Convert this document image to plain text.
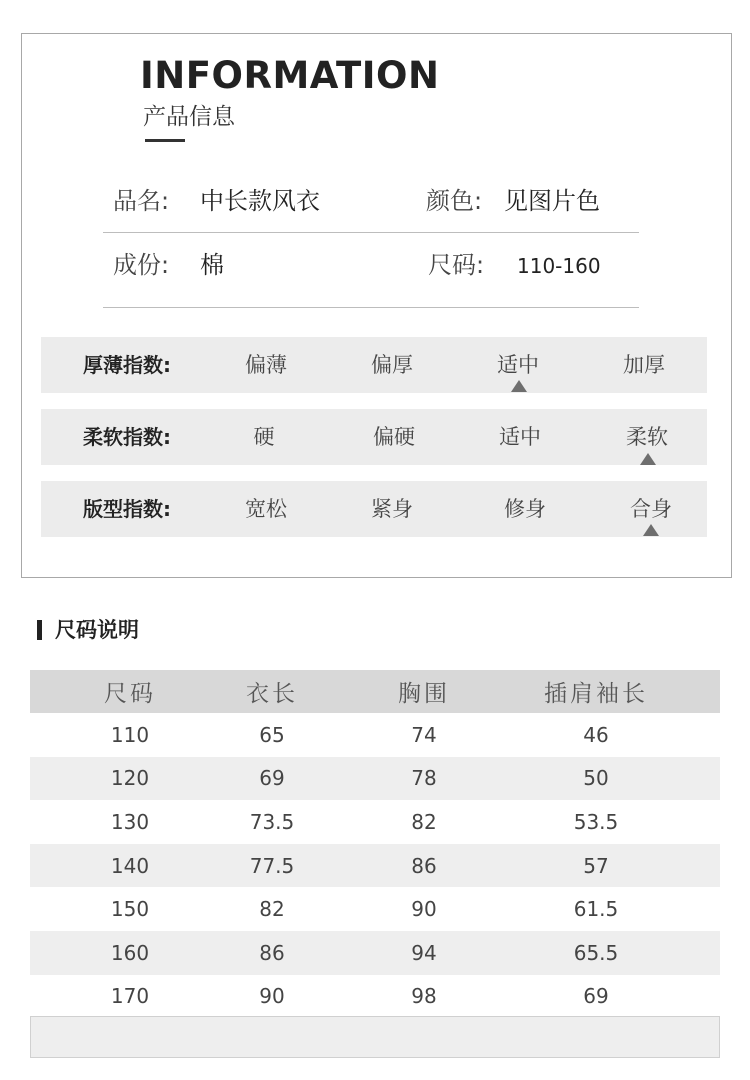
INFORMATION
产品信息
品名: 中长款风衣	颜色: 见图片色
成份: 棉	尺码: 110-160
厚薄指数:	偏薄	偏厚	适中	加厚
柔软指数:	硬	偏硬	适中	柔软
版型指数:	宽松	紧身	修身	合身
尺码说明
尺码	衣长	胸围	插肩袖长
110	65	74	46
120	69	78	50
130	73.5	82	53.5
140	77.5	86	57
150	82	90	61.5
160	86	94	65.5
170	90	98	69
